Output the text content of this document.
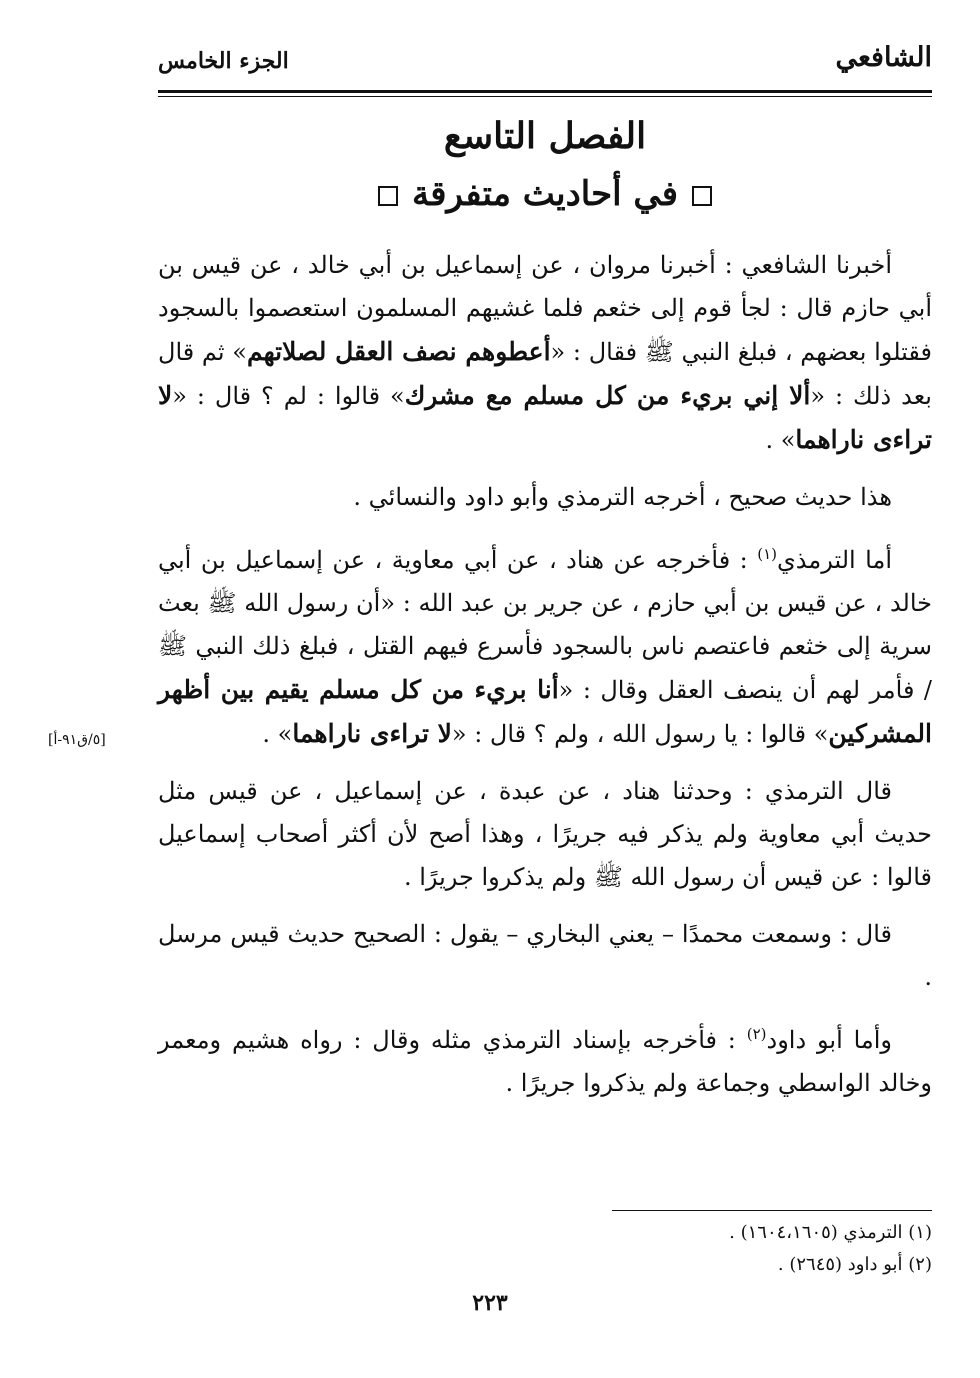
الشافعي
الجزء الخامس
الفصل التاسع
في أحاديث متفرقة

أخبرنا الشافعي : أخبرنا مروان ، عن إسماعيل بن أبي خالد ، عن قيس بن أبي حازم قال : لجأ قوم إلى خثعم فلما غشيهم المسلمون استعصموا بالسجود فقتلوا بعضهم ، فبلغ النبي ﷺ فقال : «أعطوهم نصف العقل لصلاتهم» ثم قال بعد ذلك : «ألا إني بريء من كل مسلم مع مشرك» قالوا : لم ؟ قال : «لا تراءى ناراهما» .

هذا حديث صحيح ، أخرجه الترمذي وأبو داود والنسائي .

أما الترمذي$^{(١)}$ : فأخرجه عن هناد ، عن أبي معاوية ، عن إسماعيل بن أبي خالد ، عن قيس بن أبي حازم ، عن جرير بن عبد الله : «أن رسول الله ﷺ بعث سرية إلى خثعم فاعتصم ناس بالسجود فأسرع فيهم القتل ، فبلغ ذلك النبي ﷺ / فأمر لهم أن ينصف العقل وقال : «أنا بريء من كل مسلم يقيم بين أظهر المشركين» قالوا : يا رسول الله ، ولم ؟ قال : «لا تراءى ناراهما» .

قال الترمذي : وحدثنا هناد ، عن عبدة ، عن إسماعيل ، عن قيس مثل حديث أبي معاوية ولم يذكر فيه جريرًا ، وهذا أصح لأن أكثر أصحاب إسماعيل قالوا : عن قيس أن رسول الله ﷺ ولم يذكروا جريرًا .

قال : وسمعت محمدًا – يعني البخاري – يقول : الصحيح حديث قيس مرسل .

وأما أبو داود$^{(٢)}$ : فأخرجه بإسناد الترمذي مثله وقال : رواه هشيم ومعمر وخالد الواسطي وجماعة ولم يذكروا جريرًا .

[٥/ق٩١-أ]
(١) الترمذي (١٦٠٤،١٦٠٥) .
(٢) أبو داود (٢٦٤٥) .
٢٢٣
